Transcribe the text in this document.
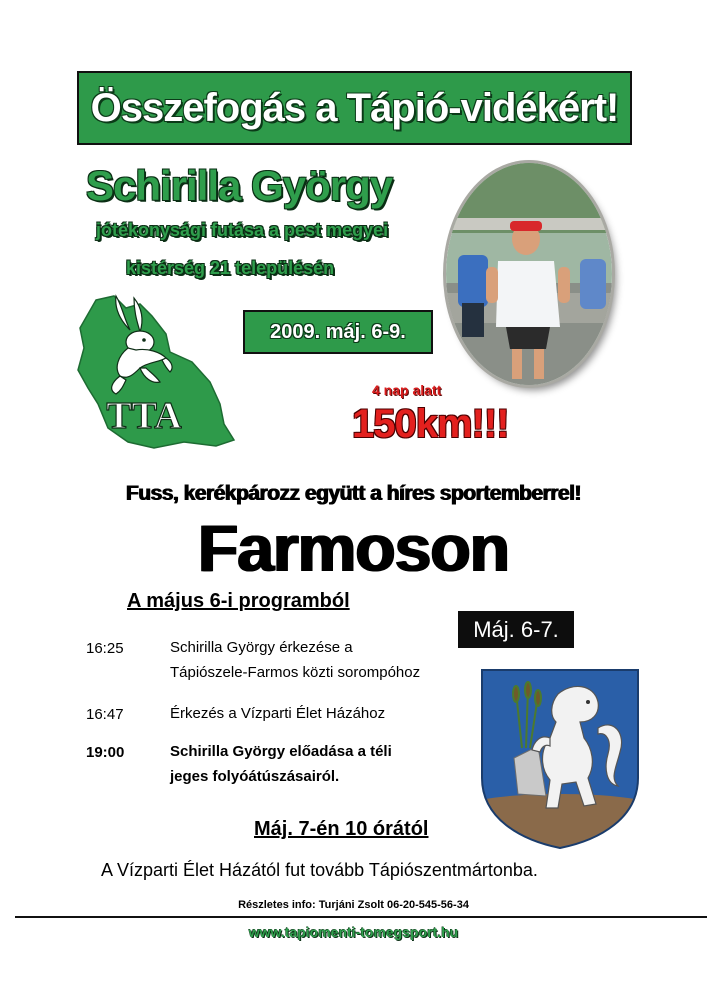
Összefogás a Tápió-vidékért!
Schirilla György
jótékonysági futása a pest megyei
kistérség 21 településén
TTA
2009. máj. 6-9.
4 nap alatt
150km!!!
Fuss, kerékpározz együtt a híres sportemberrel!
Farmoson
A május 6-i programból
Máj. 6-7.
16:25	Schirilla György érkezése a
Tápiószele-Farmos közti sorompóhoz
16:47	Érkezés a Vízparti Élet Házához
19:00	Schirilla György előadása a téli
jeges folyóátúszásairól.
Máj. 7-én 10 órától
A Vízparti Élet Házától fut tovább Tápiószentmártonba.
Részletes info: Turjáni Zsolt 06-20-545-56-34
www.tapiomenti-tomegsport.hu
